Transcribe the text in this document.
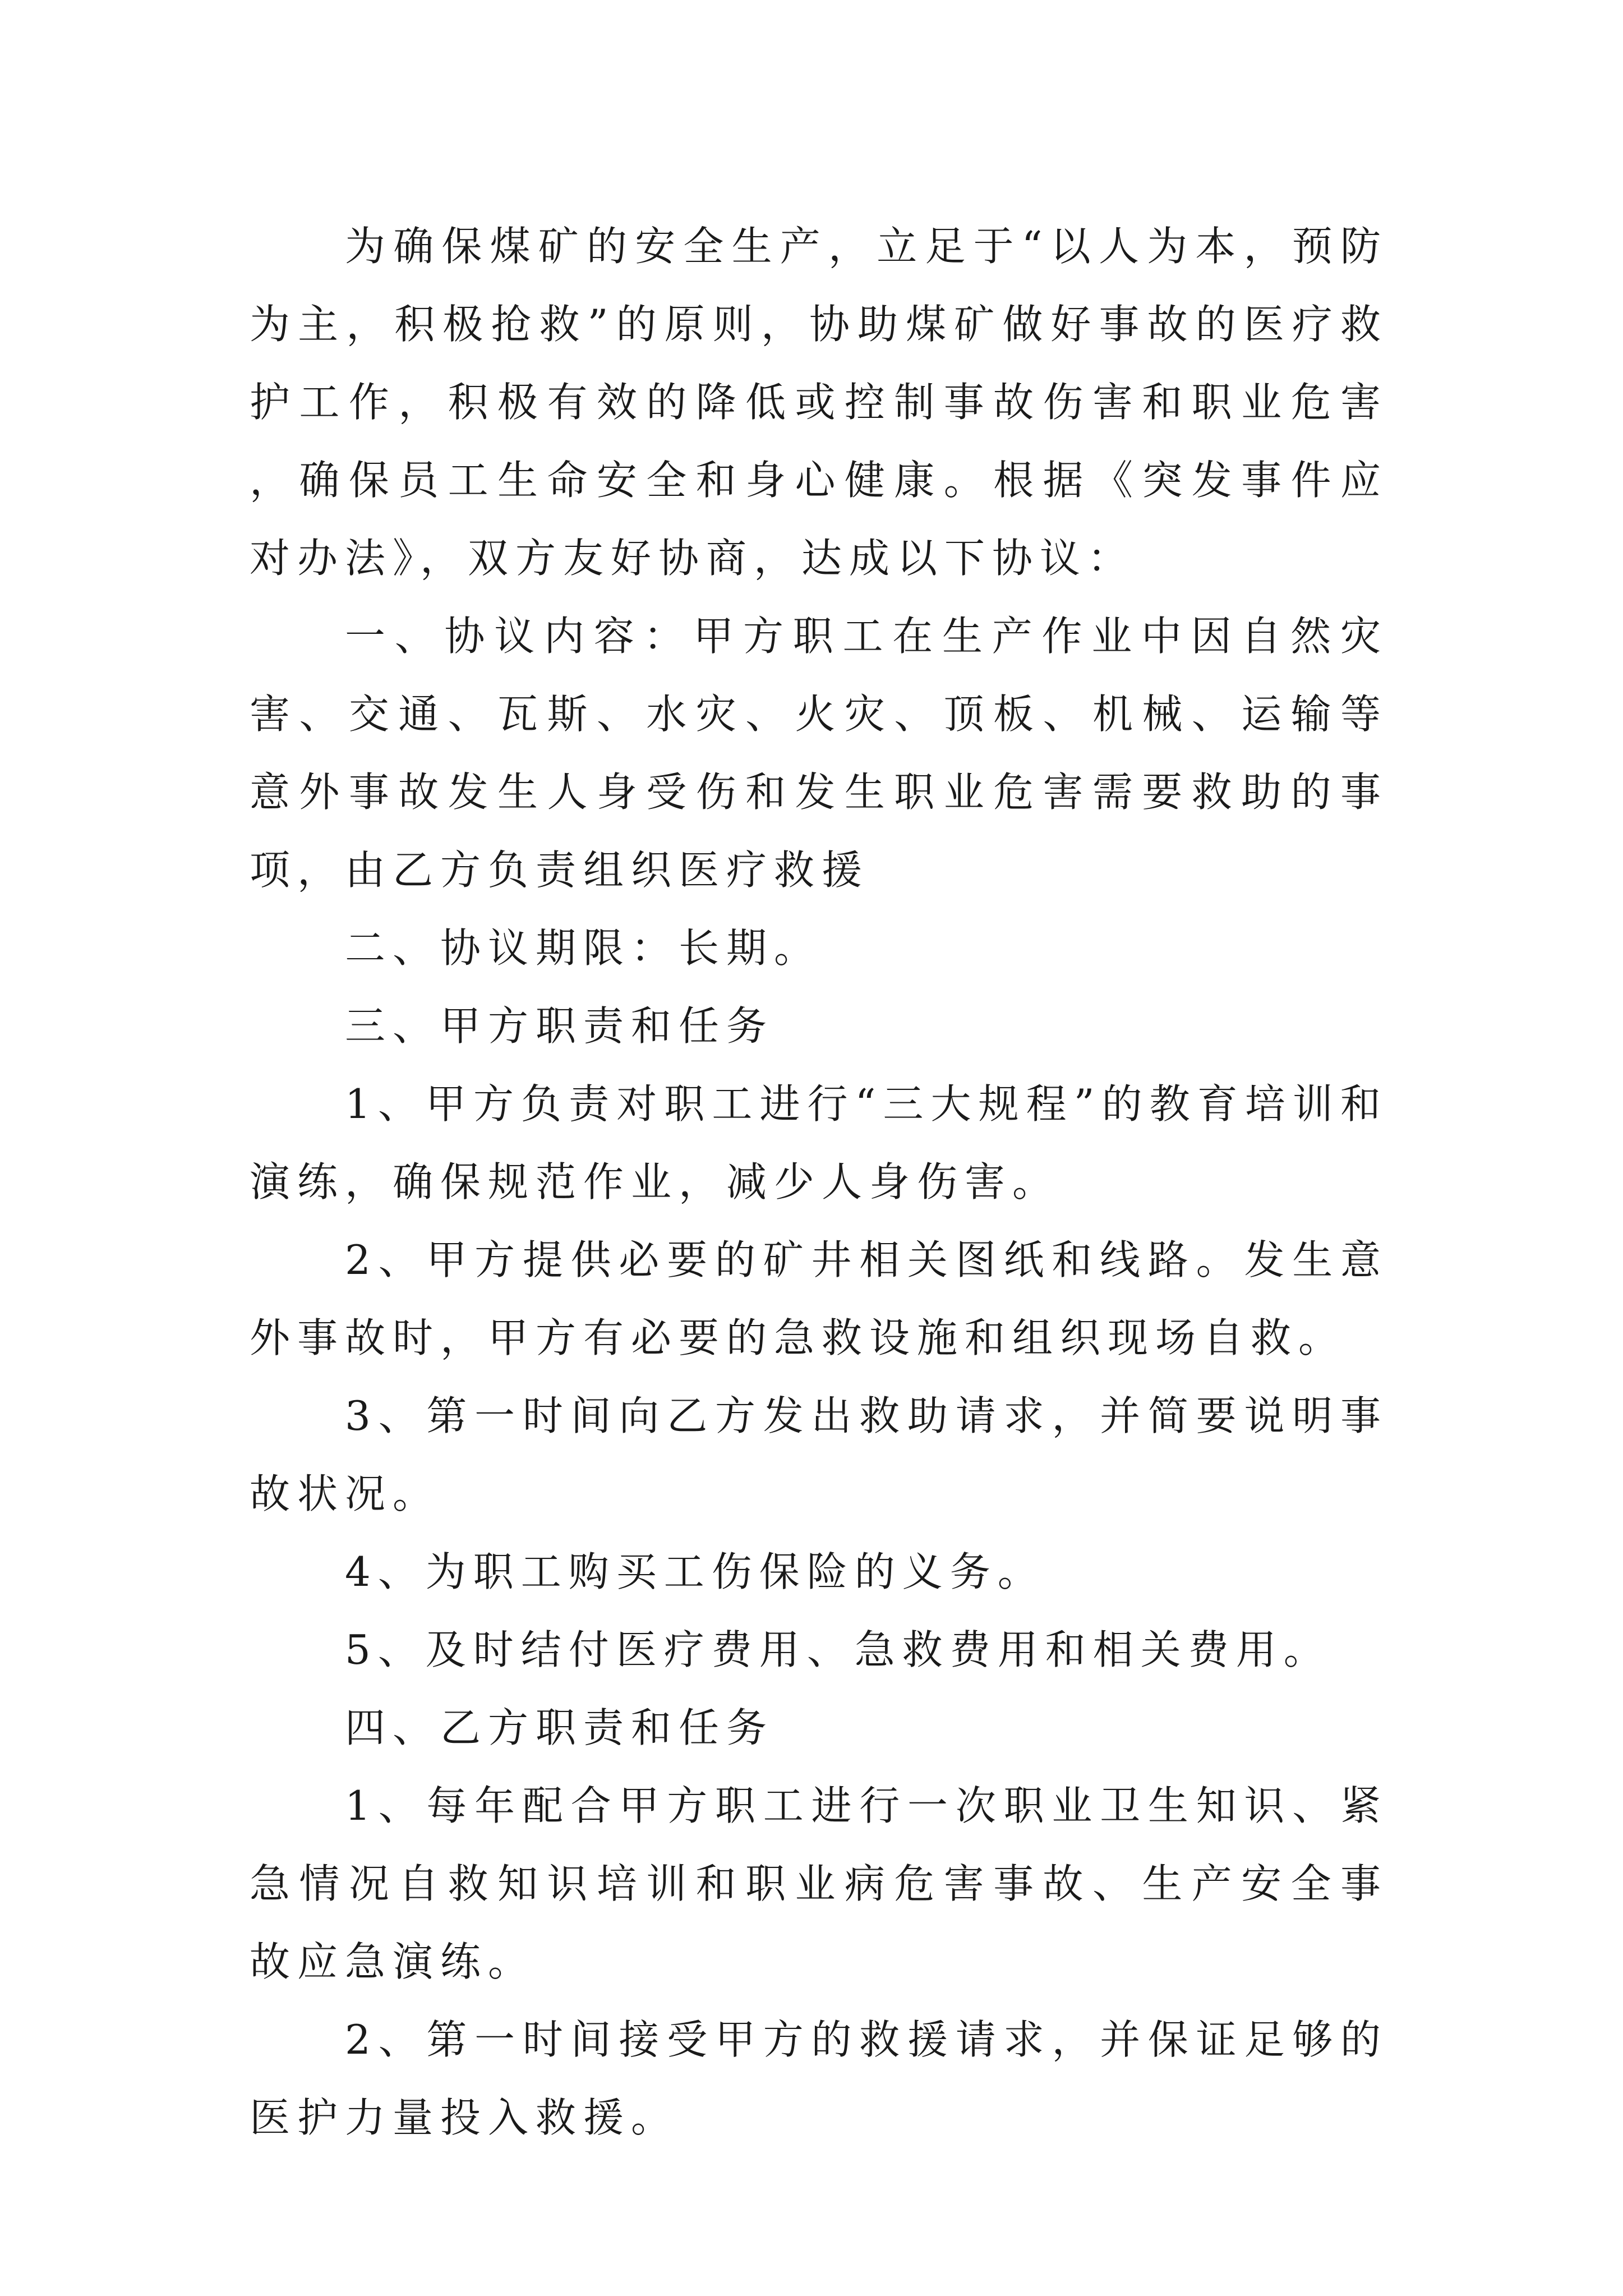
为确保煤矿的安全生产，立足于“以人为本，预防为主，积极抢救”的原则，协助煤矿做好事故的医疗救护工作，积极有效的降低或控制事故伤害和职业危害，确保员工生命安全和身心健康。根据《突发事件应对办法》，双方友好协商，达成以下协议：

一、协议内容：甲方职工在生产作业中因自然灾害、交通、瓦斯、水灾、火灾、顶板、机械、运输等意外事故发生人身受伤和发生职业危害需要救助的事项，由乙方负责组织医疗救援

二、协议期限：长期。

三、甲方职责和任务

1、甲方负责对职工进行“三大规程”的教育培训和演练，确保规范作业，减少人身伤害。

2、甲方提供必要的矿井相关图纸和线路。发生意外事故时，甲方有必要的急救设施和组织现场自救。

3、第一时间向乙方发出救助请求，并简要说明事故状况。

4、为职工购买工伤保险的义务。

5、及时结付医疗费用、急救费用和相关费用。

四、乙方职责和任务

1、每年配合甲方职工进行一次职业卫生知识、紧急情况自救知识培训和职业病危害事故、生产安全事故应急演练。

2、第一时间接受甲方的救援请求，并保证足够的医护力量投入救援。
